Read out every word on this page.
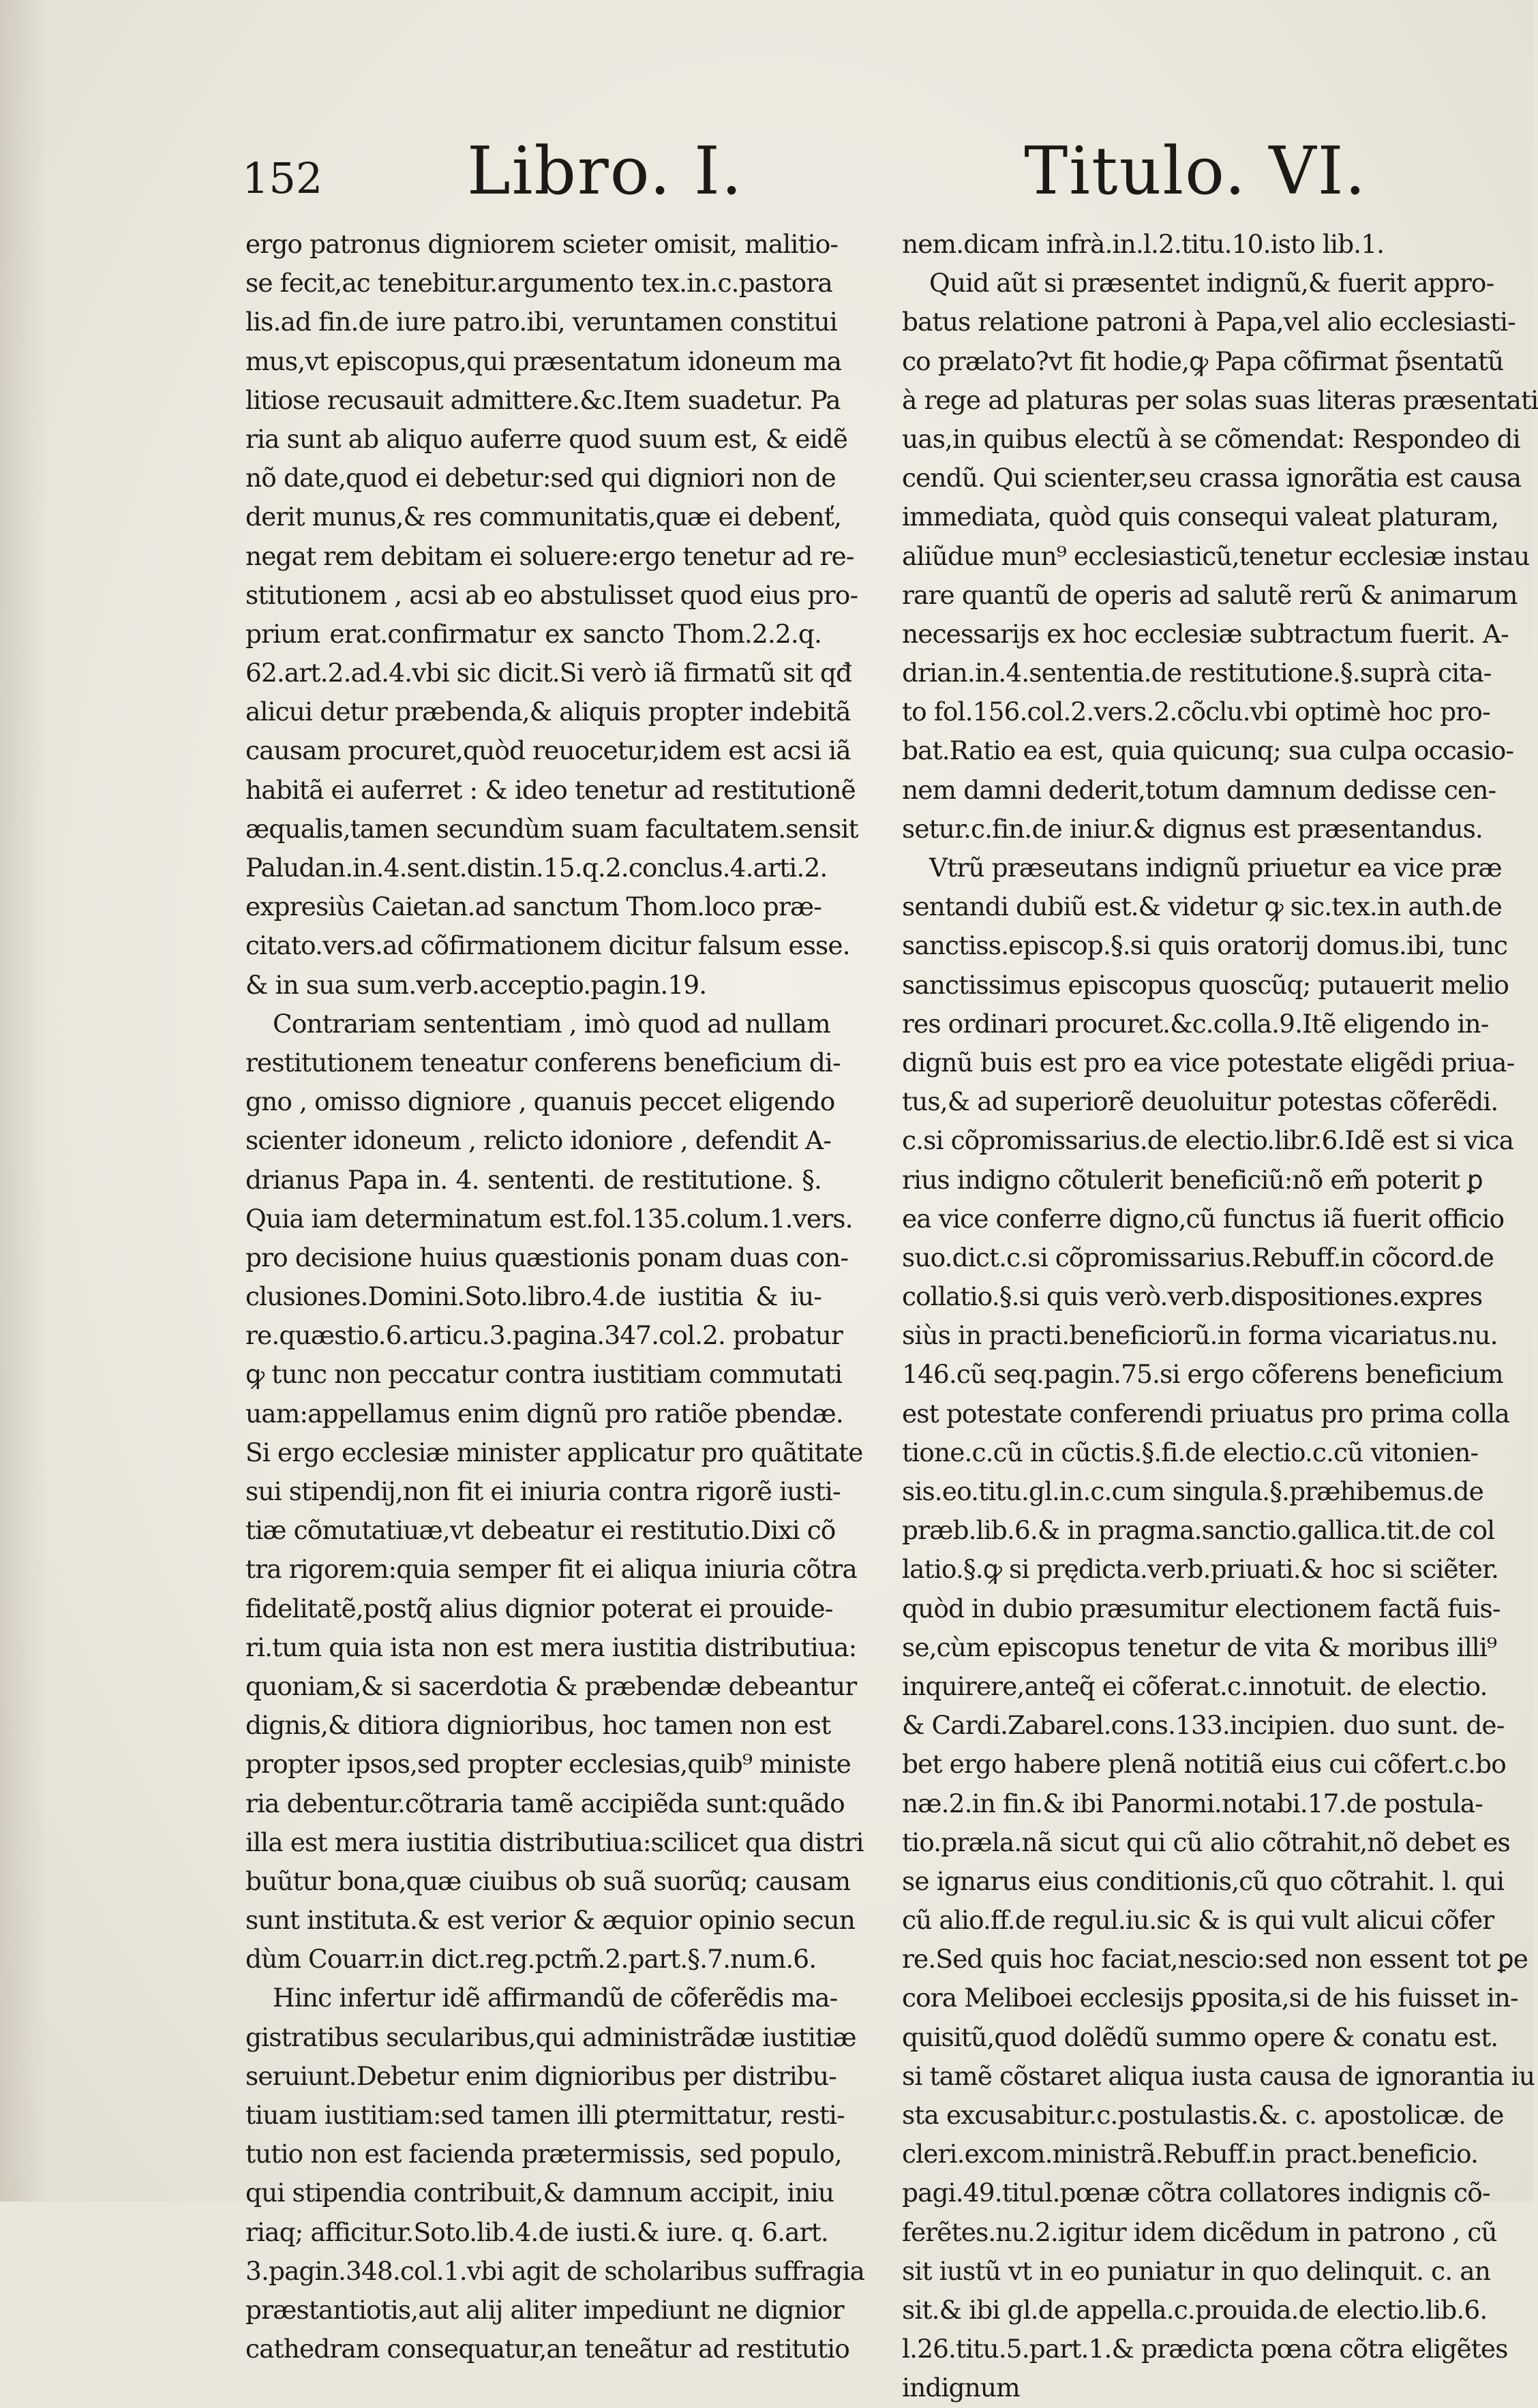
152 Libro. I.	Titulo. VI.
ergo patronus digniorem scieter omisit, malitio-
se fecit,ac tenebitur.argumento tex.in.c.pastora
lis.ad fin.de iure patro.ibi, veruntamen constitui
mus,vt episcopus,qui præsentatum idoneum ma
litiose recusauit admittere.&c.Item suadetur. Pa
ria sunt ab aliquo auferre quod suum est, & eidẽ
nõ date,quod ei debetur:sed qui digniori non de
derit munus,& res communitatis,quæ ei debenť,
negat rem debitam ei soluere:ergo tenetur ad re-
stitutionem , acsi ab eo abstulisset quod eius pro-
prium erat.confirmatur ex sancto Thom.2.2.q.
62.art.2.ad.4.vbi sic dicit.Si verò iã firmatũ sit qđ
alicui detur præbenda,& aliquis propter indebitã
causam procuret,quòd reuocetur,idem est acsi iã
habitã ei auferret : & ideo tenetur ad restitutionẽ
æqualis,tamen secundùm suam facultatem.sensit
Paludan.in.4.sent.distin.15.q.2.conclus.4.arti.2.
expresiùs Caietan.ad sanctum Thom.loco præ-
citato.vers.ad cõfirmationem dicitur falsum esse.
& in sua sum.verb.acceptio.pagin.19.
Contrariam sententiam , imò quod ad nullam
restitutionem teneatur conferens beneficium di-
gno , omisso digniore , quanuis peccet eligendo
scienter idoneum , relicto idoniore , defendit A-
drianus Papa in. 4. sententi. de restitutione. §.
Quia iam determinatum est.fol.135.colum.1.vers.
pro decisione huius quæstionis ponam duas con-
clusiones.Domini.Soto.libro.4.de iustitia & iu-
re.quæstio.6.articu.3.pagina.347.col.2. probatur
ꝙ tunc non peccatur contra iustitiam commutati
uam:appellamus enim dignũ pro ratiõe pbendæ.
Si ergo ecclesiæ minister applicatur pro quãtitate
sui stipendij,non fit ei iniuria contra rigorẽ iusti-
tiæ cõmutatiuæ,vt debeatur ei restitutio.Dixi cõ
tra rigorem:quia semper fit ei aliqua iniuria cõtra
fidelitatẽ,postq̃ alius dignior poterat ei prouide-
ri.tum quia ista non est mera iustitia distributiua:
quoniam,& si sacerdotia & præbendæ debeantur
dignis,& ditiora dignioribus, hoc tamen non est
propter ipsos,sed propter ecclesias,quib⁹ ministe
ria debentur.cõtraria tamẽ accipiẽda sunt:quãdo
illa est mera iustitia distributiua:scilicet qua distri
buũtur bona,quæ ciuibus ob suã suorũq; causam
sunt instituta.& est verior & æquior opinio secun
dùm Couarr.in dict.reg.pctm̃.2.part.§.7.num.6.
Hinc infertur idẽ affirmandũ de cõferẽdis ma-
gistratibus secularibus,qui administrãdæ iustitiæ
seruiunt.Debetur enim dignioribus per distribu-
tiuam iustitiam:sed tamen illi ꝑtermittatur, resti-
tutio non est facienda prætermissis, sed populo,
qui stipendia contribuit,& damnum accipit, iniu
riaq; afficitur.Soto.lib.4.de iusti.& iure. q. 6.art.
3.pagin.348.col.1.vbi agit de scholaribus suffragia
præstantiotis,aut alij aliter impediunt ne dignior
cathedram consequatur,an teneãtur ad restitutio
nem.dicam infrà.in.l.2.titu.10.isto lib.1.
Quid aũt si præsentet indignũ,& fuerit appro-
batus relatione patroni à Papa,vel alio ecclesiasti-
co prælato?vt fit hodie,ꝙ Papa cõfirmat p̃sentatũ
à rege ad platuras per solas suas literas præsentati
uas,in quibus electũ à se cõmendat: Respondeo di
cendũ. Qui scienter,seu crassa ignorãtia est causa
immediata, quòd quis consequi valeat platuram,
aliũdue mun⁹ ecclesiasticũ,tenetur ecclesiæ instau
rare quantũ de operis ad salutẽ rerũ & animarum
necessarijs ex hoc ecclesiæ subtractum fuerit. A-
drian.in.4.sententia.de restitutione.§.suprà cita-
to fol.156.col.2.vers.2.cõclu.vbi optimè hoc pro-
bat.Ratio ea est, quia quicunq; sua culpa occasio-
nem damni dederit,totum damnum dedisse cen-
setur.c.fin.de iniur.& dignus est præsentandus.
Vtrũ præseutans indignũ priuetur ea vice præ
sentandi dubiũ est.& videtur ꝙ sic.tex.in auth.de
sanctiss.episcop.§.si quis oratorij domus.ibi, tunc
sanctissimus episcopus quoscũq; putauerit melio
res ordinari procuret.&c.colla.9.Itẽ eligendo in-
dignũ buis est pro ea vice potestate eligẽdi priua-
tus,& ad superiorẽ deuoluitur potestas cõferẽdi.
c.si cõpromissarius.de electio.libr.6.Idẽ est si vica
rius indigno cõtulerit beneficiũ:nõ em̃ poterit ꝑ
ea vice conferre digno,cũ functus iã fuerit officio
suo.dict.c.si cõpromissarius.Rebuff.in cõcord.de
collatio.§.si quis verò.verb.dispositiones.expres
siùs in practi.beneficiorũ.in forma vicariatus.nu.
146.cũ seq.pagin.75.si ergo cõferens beneficium
est potestate conferendi priuatus pro prima colla
tione.c.cũ in cũctis.§.fi.de electio.c.cũ vitonien-
sis.eo.titu.gl.in.c.cum singula.§.præhibemus.de
præb.lib.6.& in pragma.sanctio.gallica.tit.de col
latio.§.ꝙ si prędicta.verb.priuati.& hoc si sciẽter.
quòd in dubio præsumitur electionem factã fuis-
se,cùm episcopus tenetur de vita & moribus illi⁹
inquirere,anteq̃ ei cõferat.c.innotuit. de electio.
& Cardi.Zabarel.cons.133.incipien. duo sunt. de-
bet ergo habere plenã notitiã eius cui cõfert.c.bo
næ.2.in fin.& ibi Panormi.notabi.17.de postula-
tio.præla.nã sicut qui cũ alio cõtrahit,nõ debet es
se ignarus eius conditionis,cũ quo cõtrahit. l. qui
cũ alio.ff.de regul.iu.sic & is qui vult alicui cõfer
re.Sed quis hoc faciat,nescio:sed non essent tot ꝑe
cora Meliboei ecclesijs ꝑposita,si de his fuisset in-
quisitũ,quod dolẽdũ summo opere & conatu est.
si tamẽ cõstaret aliqua iusta causa de ignorantia iu
sta excusabitur.c.postulastis.&. c. apostolicæ. de
cleri.excom.ministrã.Rebuff.in pract.beneficio.
pagi.49.titul.pœnæ cõtra collatores indignis cõ-
ferẽtes.nu.2.igitur idem dicẽdum in patrono , cũ
sit iustũ vt in eo puniatur in quo delinquit. c. an
sit.& ibi gl.de appella.c.prouida.de electio.lib.6.
l.26.titu.5.part.1.& prædicta pœna cõtra eligẽtes
indignum
